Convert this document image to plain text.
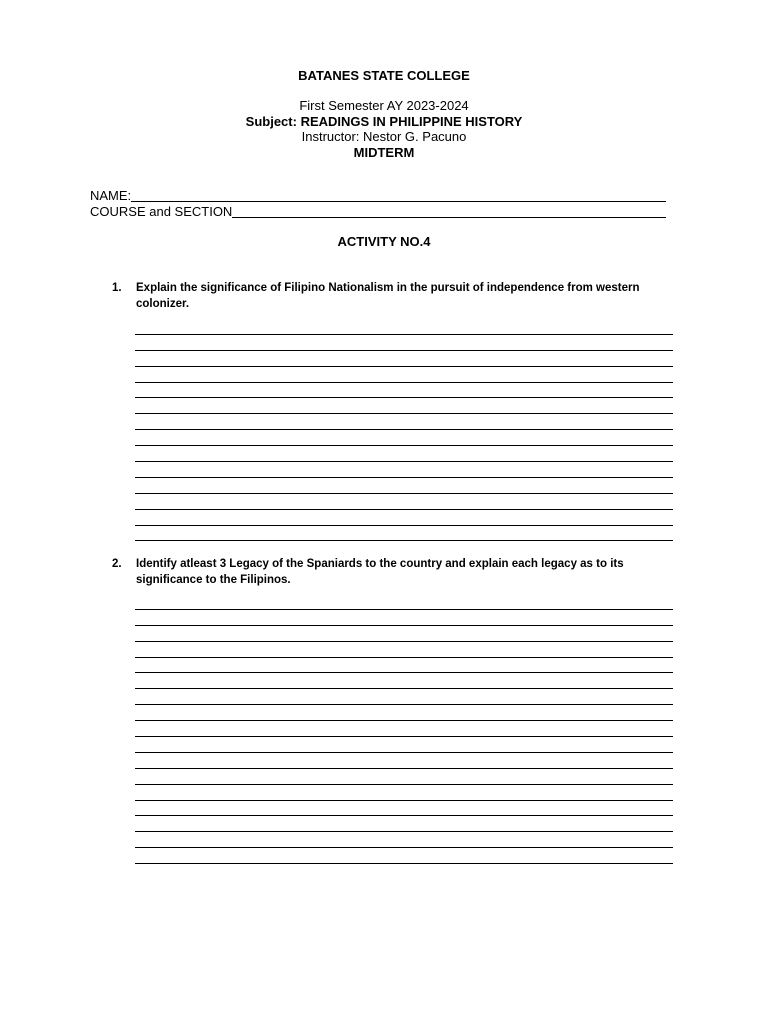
BATANES STATE COLLEGE
First Semester AY 2023-2024
Subject: READINGS IN PHILIPPINE HISTORY
Instructor: Nestor G. Pacuno
MIDTERM
NAME:
COURSE and SECTION
ACTIVITY NO.4
1. Explain the significance of Filipino Nationalism in the pursuit of independence from western colonizer.
2. Identify atleast 3 Legacy of the Spaniards to the country and explain each legacy as to its significance to the Filipinos.
